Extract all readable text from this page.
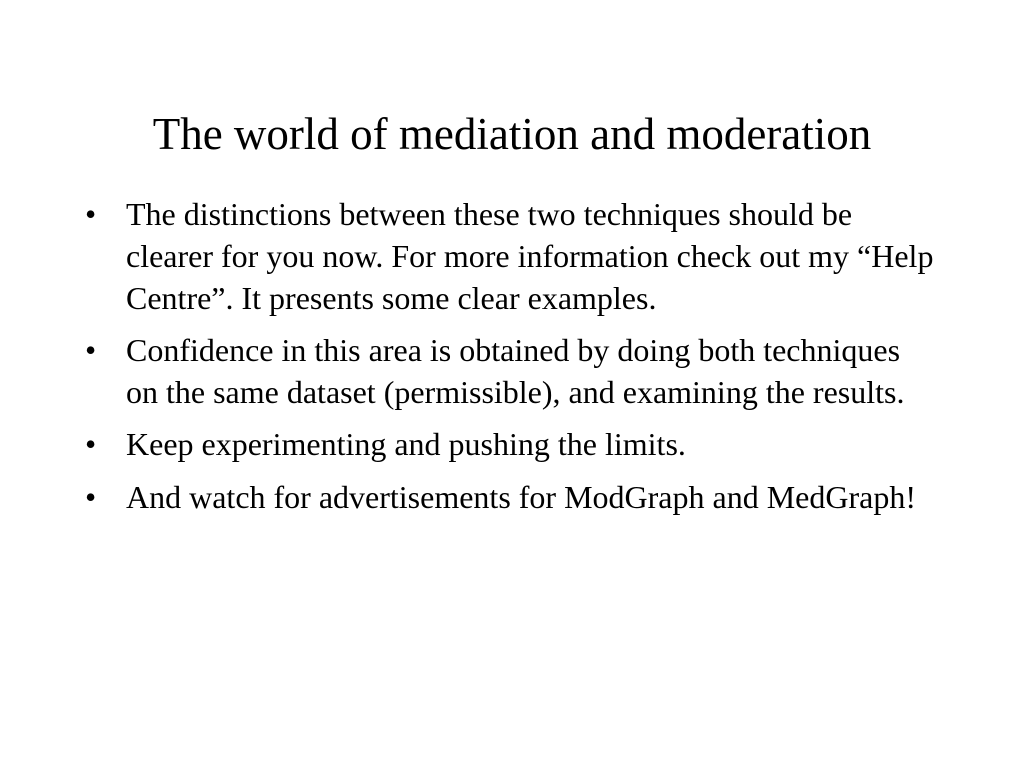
The world of mediation and moderation
• The distinctions between these two techniques should be clearer for you now. For more information check out my “Help Centre”. It presents some clear examples.
• Confidence in this area is obtained by doing both techniques on the same dataset (permissible), and examining the results.
• Keep experimenting and pushing the limits.
• And watch for advertisements for ModGraph and MedGraph!
